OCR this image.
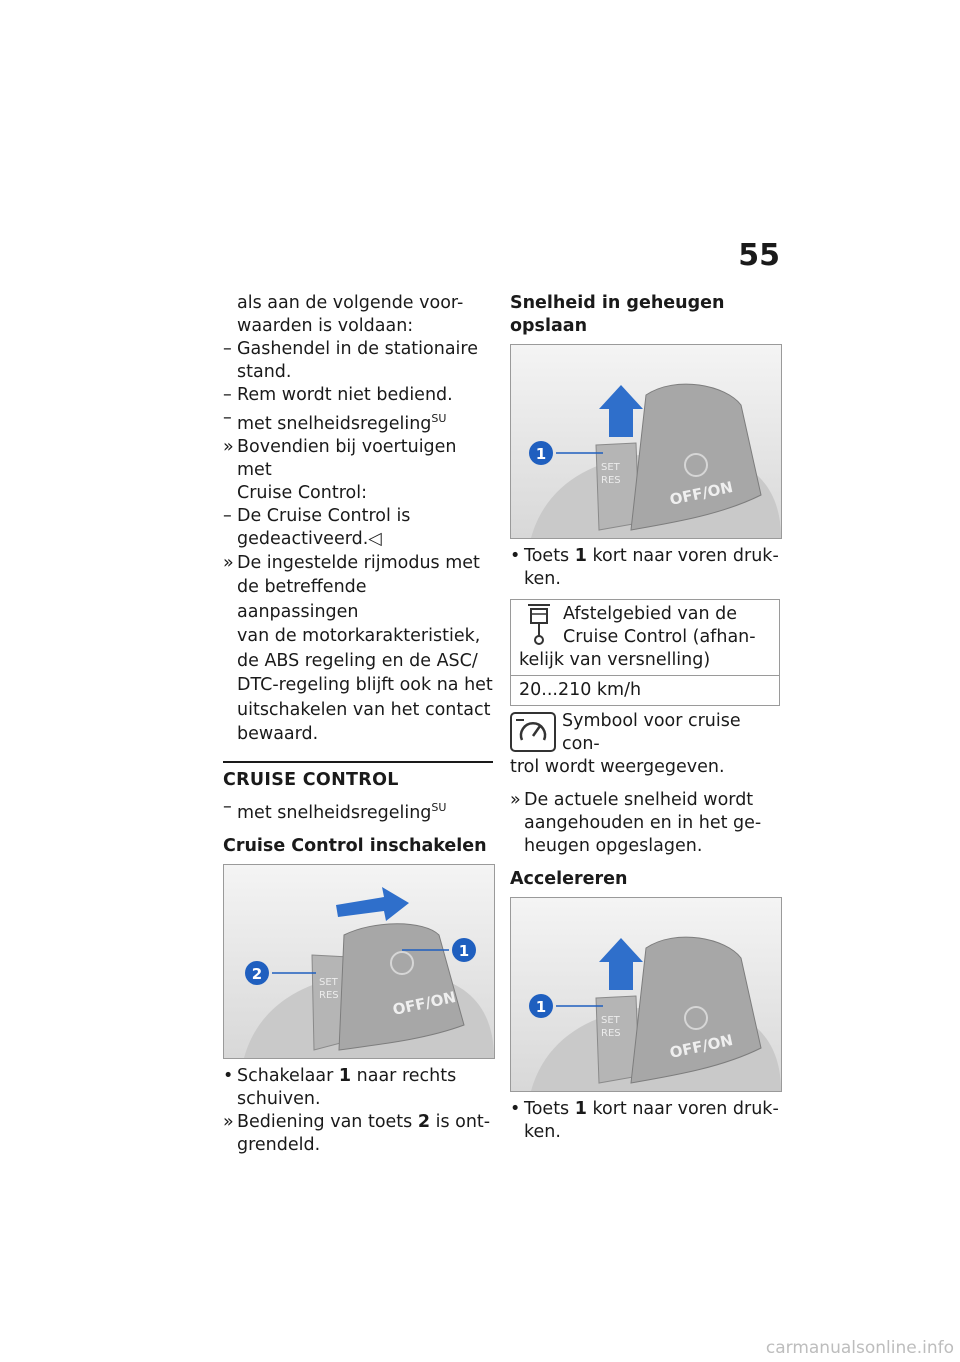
55

als aan de volgende voor-
waarden is voldaan:

– Gashendel in de stationaire
stand.

– Rem wordt niet bediend.

– met snelheidsregeling$^{SU}$

» Bovendien bij voertuigen met
Cruise Control:

– De Cruise Control is
gedeactiveerd.◁

» De ingestelde rijmodus met
de betreffende aanpassingen
van de motorkarakteristiek,
de ABS regeling en de ASC/
DTC-regeling blijft ook na het
uitschakelen van het contact
bewaard.

CRUISE CONTROL

– met snelheidsregeling$^{SU}$

Cruise Control inschakelen

OFF/ON
SET
RES
1
2

• Schakelaar 1 naar rechts
schuiven.

» Bediening van toets 2 is ont-
grendeld.

Snelheid in geheugen opslaan

OFF/ON
SET
RES
1

• Toets 1 kort naar voren druk-
ken.

Afstelgebied van de
Cruise Control (afhan-
kelijk van versnelling)
20...210 km/h
Symbool voor cruise con-
trol wordt weergegeven.

» De actuele snelheid wordt
aangehouden en in het ge-
heugen opgeslagen.

Accelereren

OFF/ON
SET
RES
1

• Toets 1 kort naar voren druk-
ken.

carmanualsonline.info
